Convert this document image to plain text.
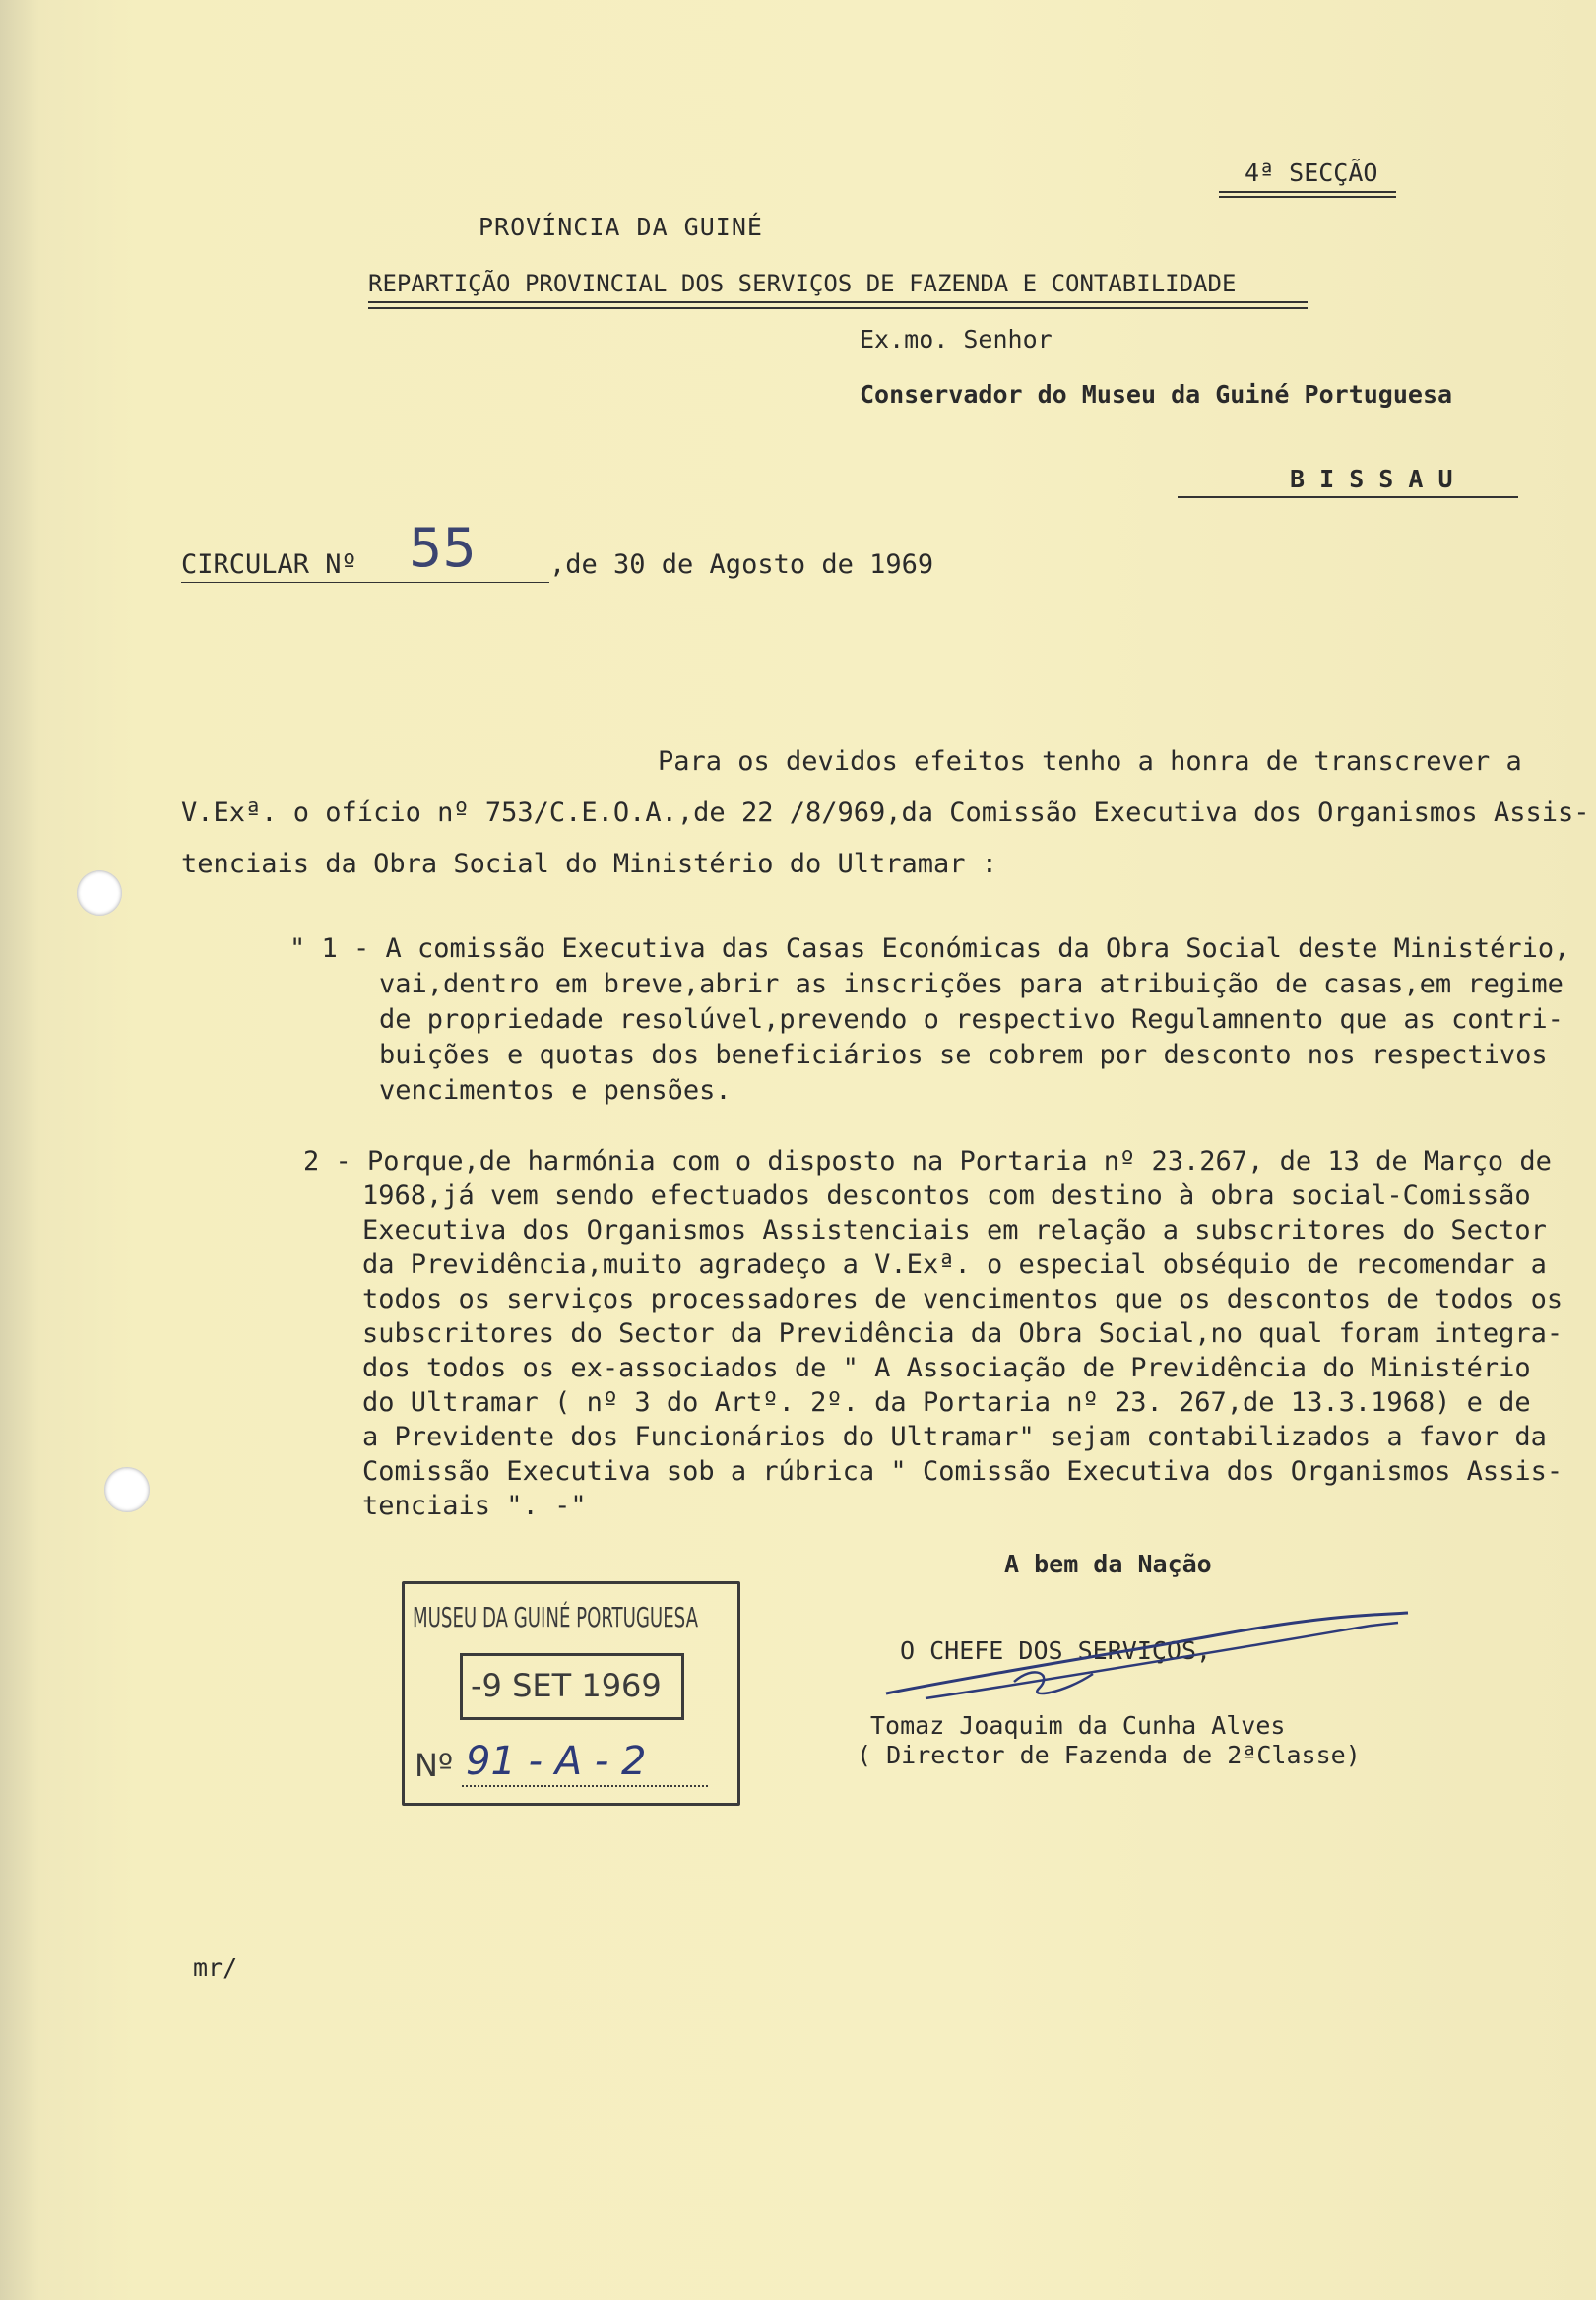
4ª SECÇÃO
PROVÍNCIA DA GUINÉ
REPARTIÇÃO PROVINCIAL DOS SERVIÇOS DE FAZENDA E CONTABILIDADE
Ex.mo. Senhor
Conservador do Museu da Guiné Portuguesa
B I S S A U
CIRCULAR Nº 55	,de 30 de Agosto de 1969
Para os devidos efeitos tenho a honra de transcrever a
V.Exª. o ofício nº 753/C.E.O.A.,de 22 /8/969,da Comissão Executiva dos Organismos Assis-
tenciais da Obra Social do Ministério do Ultramar :
" 1 - A comissão Executiva das Casas Económicas da Obra Social deste Ministério,
vai,dentro em breve,abrir as inscrições para atribuição de casas,em regime
de propriedade resolúvel,prevendo o respectivo Regulamnento que as contri-
buições e quotas dos beneficiários se cobrem por desconto nos respectivos
vencimentos e pensões.
2 - Porque,de harmónia com o disposto na Portaria nº 23.267, de 13 de Março de
1968,já vem sendo efectuados descontos com destino à obra social-Comissão
Executiva dos Organismos Assistenciais em relação a subscritores do Sector
da Previdência,muito agradeço a V.Exª. o especial obséquio de recomendar a
todos os serviços processadores de vencimentos que os descontos de todos os
subscritores do Sector da Previdência da Obra Social,no qual foram integra-
dos todos os ex-associados de " A Associação de Previdência do Ministério
do Ultramar ( nº 3 do Artº. 2º. da Portaria nº 23. 267,de 13.3.1968) e de
a Previdente dos Funcionários do Ultramar" sejam contabilizados a favor da
Comissão Executiva sob a rúbrica " Comissão Executiva dos Organismos Assis-
tenciais ". -"
A bem da Nação
O CHEFE DOS SERVIÇOS,
Tomaz Joaquim da Cunha Alves
( Director de Fazenda de 2ªClasse)
MUSEU DA GUINÉ PORTUGUESA
-9 SET 1969
Nº 91 - A - 2
mr/
